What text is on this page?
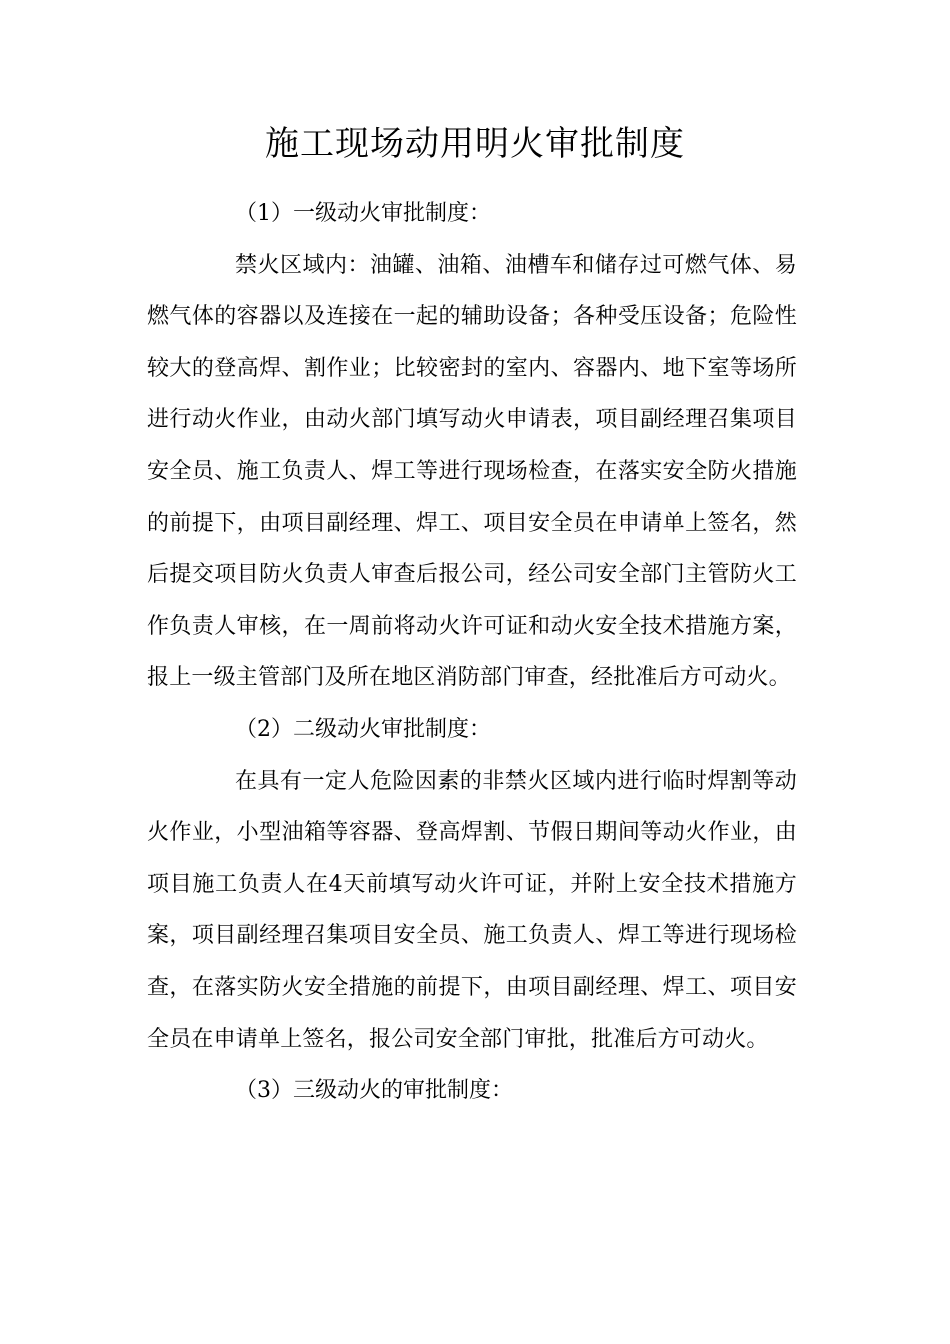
施工现场动用明火审批制度
（1）一级动火审批制度：

禁火区域内：油罐、油箱、油槽车和储存过可燃气体、易燃气体的容器以及连接在一起的辅助设备；各种受压设备；危险性较大的登高焊、割作业；比较密封的室内、容器内、地下室等场所进行动火作业，由动火部门填写动火申请表，项目副经理召集项目安全员、施工负责人、焊工等进行现场检查，在落实安全防火措施的前提下，由项目副经理、焊工、项目安全员在申请单上签名，然后提交项目防火负责人审查后报公司，经公司安全部门主管防火工作负责人审核，在一周前将动火许可证和动火安全技术措施方案，报上一级主管部门及所在地区消防部门审查，经批准后方可动火。

（2）二级动火审批制度：

在具有一定人危险因素的非禁火区域内进行临时焊割等动火作业，小型油箱等容器、登高焊割、节假日期间等动火作业，由项目施工负责人在4天前填写动火许可证，并附上安全技术措施方案，项目副经理召集项目安全员、施工负责人、焊工等进行现场检查，在落实防火安全措施的前提下，由项目副经理、焊工、项目安全员在申请单上签名，报公司安全部门审批，批准后方可动火。

（3）三级动火的审批制度：
